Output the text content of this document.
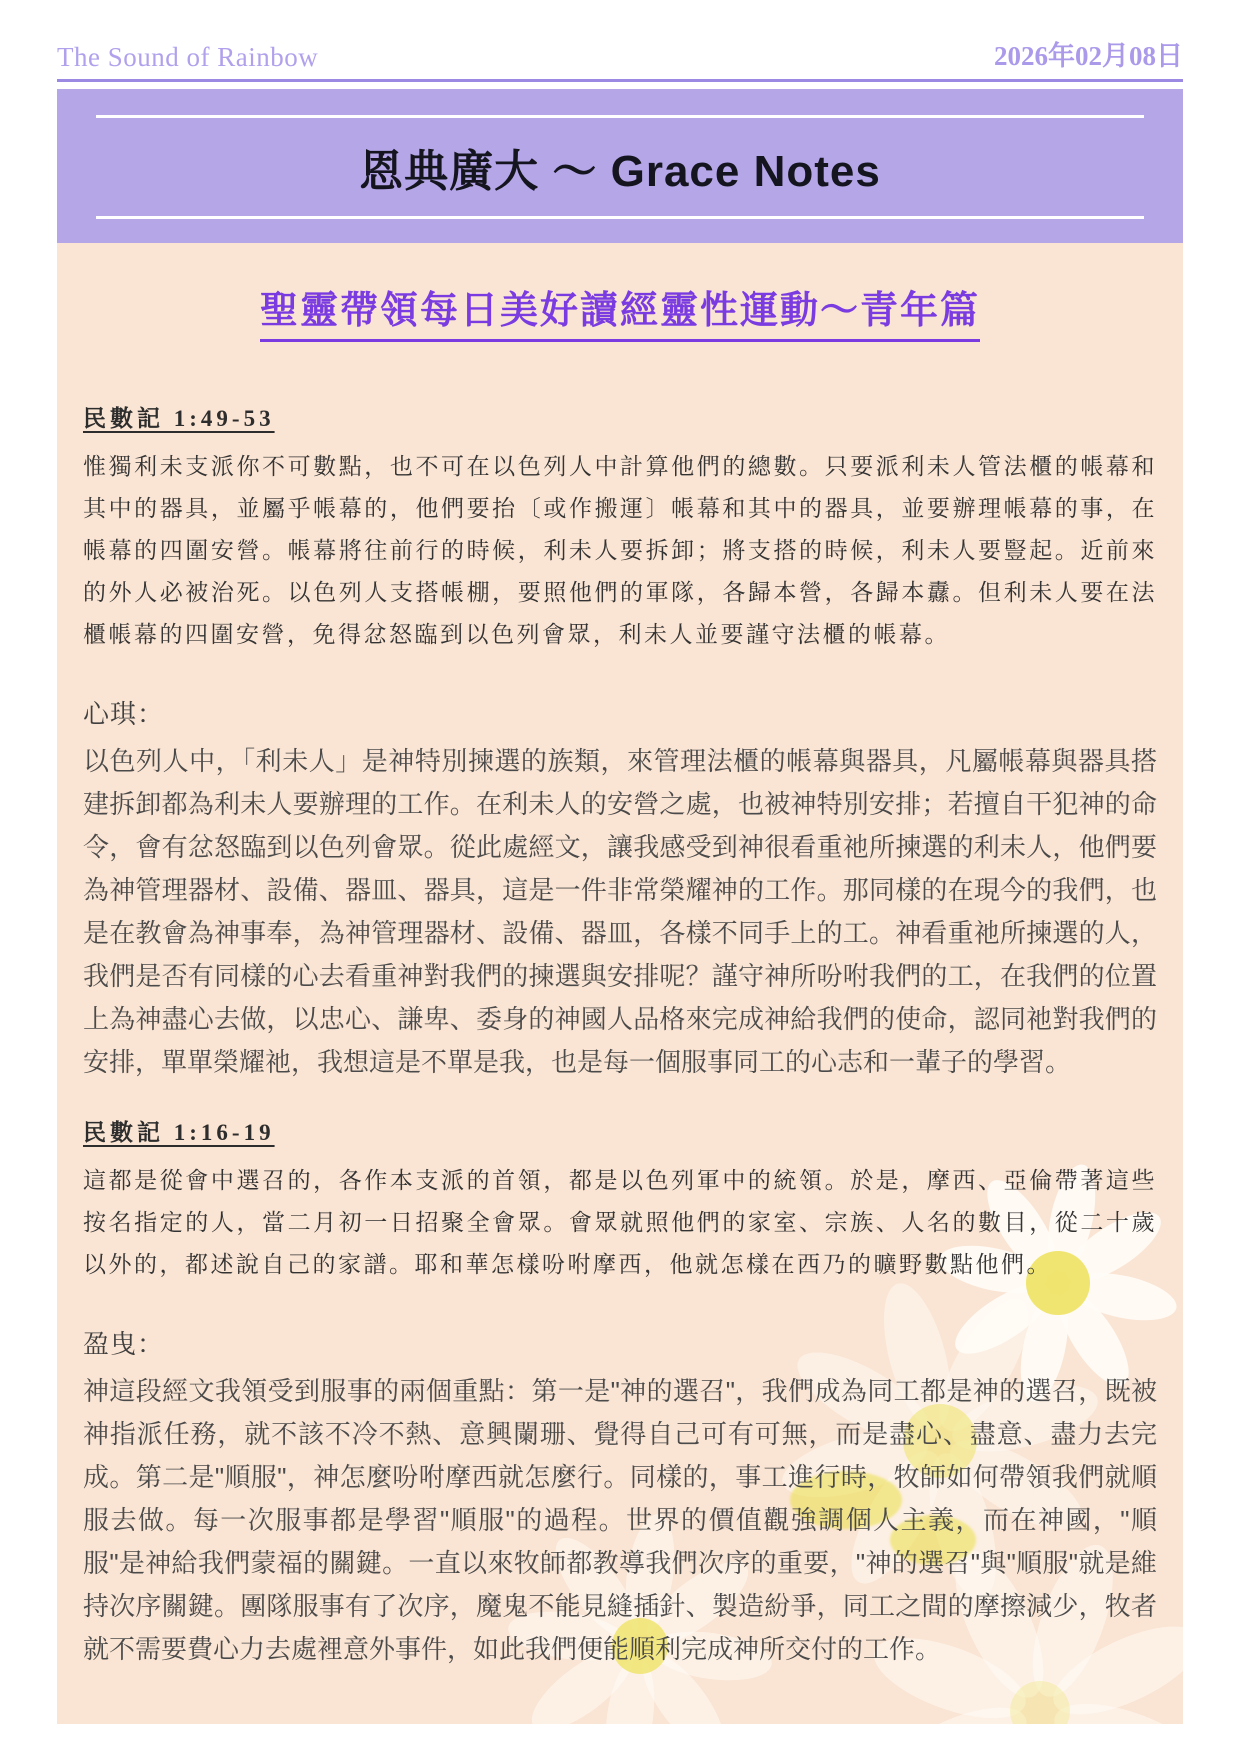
The Sound of Rainbow	2026年02月08日
恩典廣大 ～ Grace Notes
聖靈帶領每日美好讀經靈性運動～青年篇
民數記 1:49-53
惟獨利未支派你不可數點，也不可在以色列人中計算他們的總數。只要派利未人管法櫃的帳幕和其中的器具，並屬乎帳幕的，他們要抬〔或作搬運〕帳幕和其中的器具，並要辦理帳幕的事，在帳幕的四圍安營。帳幕將往前行的時候，利未人要拆卸；將支搭的時候，利未人要豎起。近前來的外人必被治死。以色列人支搭帳棚，要照他們的軍隊，各歸本營，各歸本纛。但利未人要在法櫃帳幕的四圍安營，免得忿怒臨到以色列會眾，利未人並要謹守法櫃的帳幕。
心琪：
以色列人中，「利未人」是神特別揀選的族類，來管理法櫃的帳幕與器具，凡屬帳幕與器具搭建拆卸都為利未人要辦理的工作。在利未人的安營之處，也被神特別安排；若擅自干犯神的命令，會有忿怒臨到以色列會眾。從此處經文，讓我感受到神很看重祂所揀選的利未人，他們要為神管理器材、設備、器皿、器具，這是一件非常榮耀神的工作。那同樣的在現今的我們，也是在教會為神事奉，為神管理器材、設備、器皿，各樣不同手上的工。神看重祂所揀選的人，我們是否有同樣的心去看重神對我們的揀選與安排呢？謹守神所吩咐我們的工，在我們的位置上為神盡心去做，以忠心、謙卑、委身的神國人品格來完成神給我們的使命，認同祂對我們的安排，單單榮耀祂，我想這是不單是我，也是每一個服事同工的心志和一輩子的學習。
民數記 1:16-19
這都是從會中選召的，各作本支派的首領，都是以色列軍中的統領。於是，摩西、亞倫帶著這些按名指定的人，當二月初一日招聚全會眾。會眾就照他們的家室、宗族、人名的數目，從二十歲以外的，都述說自己的家譜。耶和華怎樣吩咐摩西，他就怎樣在西乃的曠野數點他們。
盈曳：
神這段經文我領受到服事的兩個重點：第一是"神的選召"，我們成為同工都是神的選召，既被神指派任務，就不該不冷不熱、意興闌珊、覺得自己可有可無，而是盡心、盡意、盡力去完成。第二是"順服"，神怎麼吩咐摩西就怎麼行。同樣的，事工進行時，牧師如何帶領我們就順服去做。每一次服事都是學習"順服"的過程。世界的價值觀強調個人主義，而在神國，"順服"是神給我們蒙福的關鍵。一直以來牧師都教導我們次序的重要，"神的選召"與"順服"就是維持次序關鍵。團隊服事有了次序，魔鬼不能見縫插針、製造紛爭，同工之間的摩擦減少，牧者就不需要費心力去處裡意外事件，如此我們便能順利完成神所交付的工作。
